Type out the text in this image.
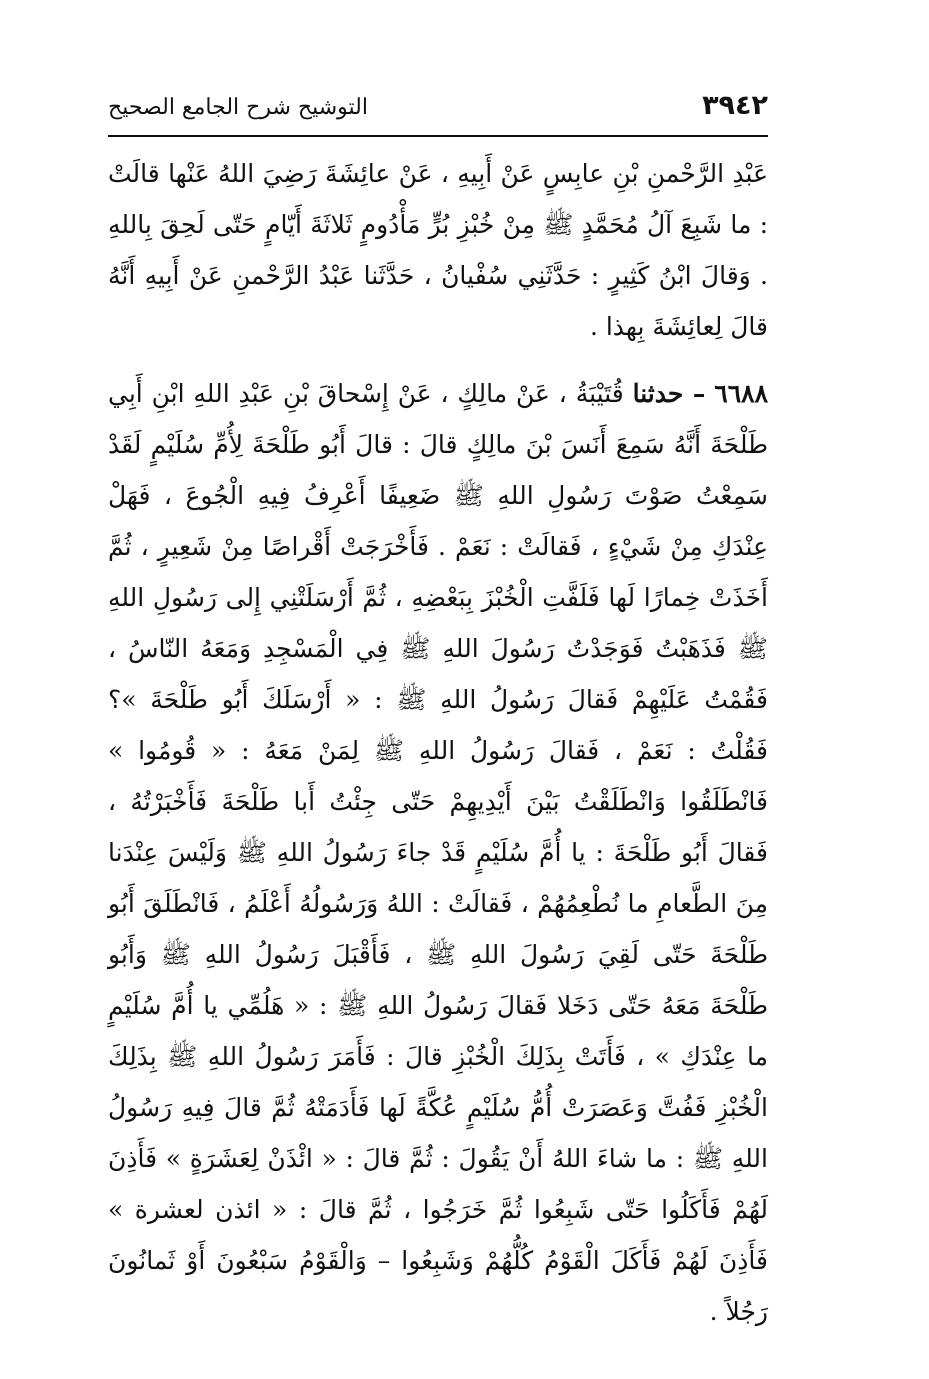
٣٩٤٢
التوشيح شرح الجامع الصحيح

عَبْدِ الرَّحْمنِ بْنِ عابِسٍ عَنْ أَبِيهِ ، عَنْ عائِشَةَ رَضِيَ اللهُ عَنْها قالَتْ : ما شَبِعَ آلُ مُحَمَّدٍ ﷺ مِنْ خُبْزِ بُرٍّ مَأْدُومٍ ثَلاثَةَ أَيّامٍ حَتّى لَحِقَ بِاللهِ . وَقالَ ابْنُ كَثِيرٍ : حَدَّثَنِي سُفْيانُ ، حَدَّثَنا عَبْدُ الرَّحْمنِ عَنْ أَبِيهِ أَنَّهُ قالَ لِعائِشَةَ بِهذا .

٦٦٨٨ – حدثنا قُتَيْبَةُ ، عَنْ مالِكٍ ، عَنْ إِسْحاقَ بْنِ عَبْدِ اللهِ ابْنِ أَبِي طَلْحَةَ أَنَّهُ سَمِعَ أَنَسَ بْنَ مالِكٍ قالَ : قالَ أَبُو طَلْحَةَ لِأُمِّ سُلَيْمٍ لَقَدْ سَمِعْتُ صَوْتَ رَسُولِ اللهِ ﷺ ضَعِيفًا أَعْرِفُ فِيهِ الْجُوعَ ، فَهَلْ عِنْدَكِ مِنْ شَيْءٍ ، فَقالَتْ : نَعَمْ . فَأَخْرَجَتْ أَقْراصًا مِنْ شَعِيرٍ ، ثُمَّ أَخَذَتْ خِمارًا لَها فَلَفَّتِ الْخُبْزَ بِبَعْضِهِ ، ثُمَّ أَرْسَلَتْنِي إِلى رَسُولِ اللهِ ﷺ فَذَهَبْتُ فَوَجَدْتُ رَسُولَ اللهِ ﷺ فِي الْمَسْجِدِ وَمَعَهُ النّاسُ ، فَقُمْتُ عَلَيْهِمْ فَقالَ رَسُولُ اللهِ ﷺ : « أَرْسَلَكَ أَبُو طَلْحَةَ »؟ فَقُلْتُ : نَعَمْ ، فَقالَ رَسُولُ اللهِ ﷺ لِمَنْ مَعَهُ : « قُومُوا » فَانْطَلَقُوا وَانْطَلَقْتُ بَيْنَ أَيْدِيهِمْ حَتّى جِئْتُ أَبا طَلْحَةَ فَأَخْبَرْتُهُ ، فَقالَ أَبُو طَلْحَةَ : يا أُمَّ سُلَيْمٍ قَدْ جاءَ رَسُولُ اللهِ ﷺ وَلَيْسَ عِنْدَنا مِنَ الطَّعامِ ما نُطْعِمُهُمْ ، فَقالَتْ : اللهُ وَرَسُولُهُ أَعْلَمُ ، فَانْطَلَقَ أَبُو طَلْحَةَ حَتّى لَقِيَ رَسُولَ اللهِ ﷺ ، فَأَقْبَلَ رَسُولُ اللهِ ﷺ وَأَبُو طَلْحَةَ مَعَهُ حَتّى دَخَلا فَقالَ رَسُولُ اللهِ ﷺ : « هَلُمِّي يا أُمَّ سُلَيْمٍ ما عِنْدَكِ » ، فَأَتَتْ بِذَلِكَ الْخُبْزِ قالَ : فَأَمَرَ رَسُولُ اللهِ ﷺ بِذَلِكَ الْخُبْزِ فَفُتَّ وَعَصَرَتْ أُمُّ سُلَيْمٍ عُكَّةً لَها فَأَدَمَتْهُ ثُمَّ قالَ فِيهِ رَسُولُ اللهِ ﷺ : ما شاءَ اللهُ أَنْ يَقُولَ : ثُمَّ قالَ : « ائْذَنْ لِعَشَرَةٍ » فَأَذِنَ لَهُمْ فَأَكَلُوا حَتّى شَبِعُوا ثُمَّ خَرَجُوا ، ثُمَّ قالَ : « ائذن لعشرة » فَأَذِنَ لَهُمْ فَأَكَلَ الْقَوْمُ كُلُّهُمْ وَشَبِعُوا – وَالْقَوْمُ سَبْعُونَ أَوْ ثَمانُونَ رَجُلاً .
